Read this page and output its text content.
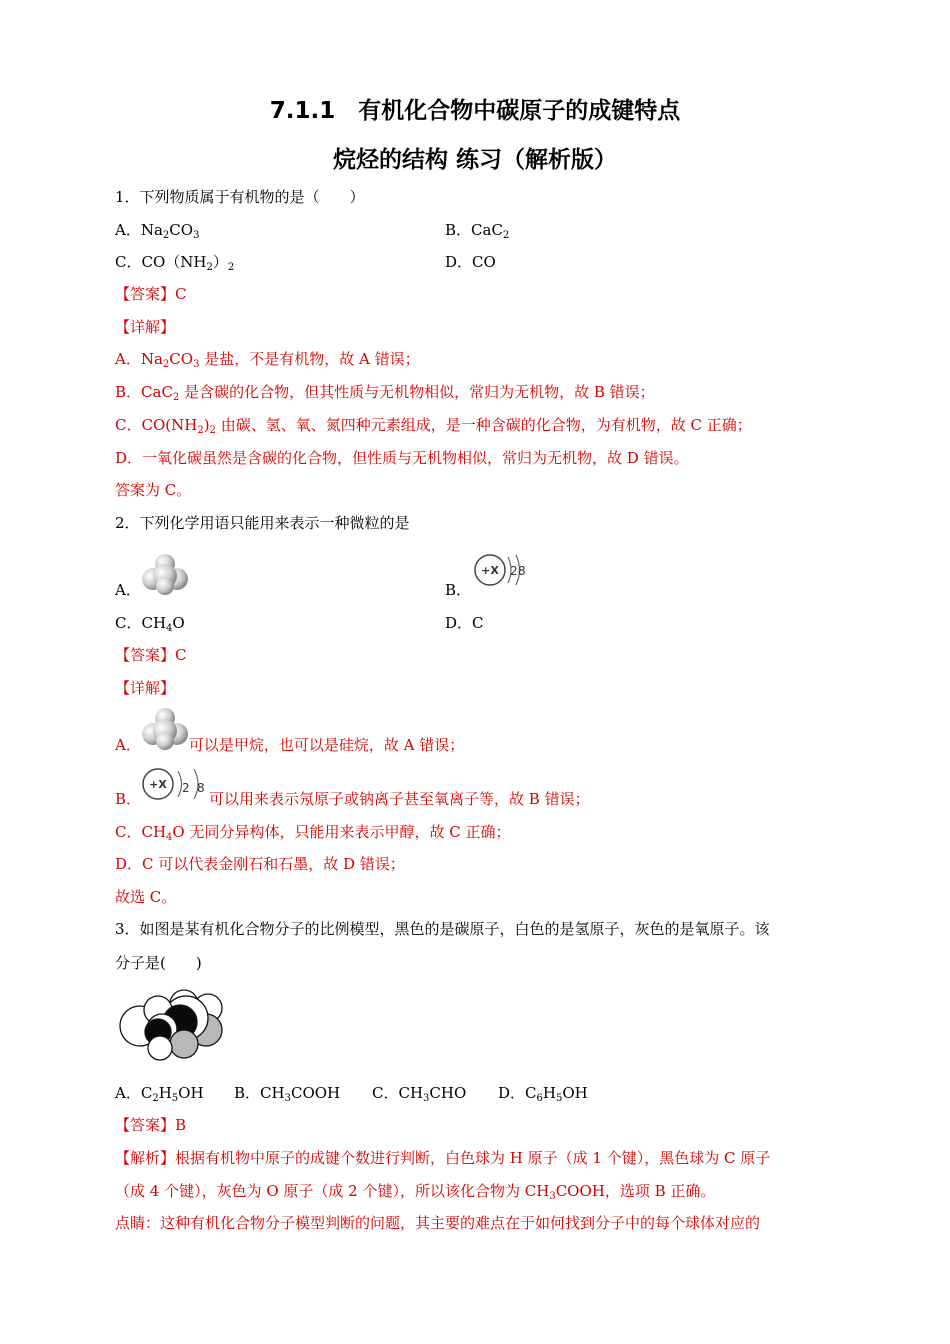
7.1.1　有机化合物中碳原子的成键特点
烷烃的结构 练习（解析版）
1．下列物质属于有机物的是（　　）
A．$Na_2CO_3$	B．CaC$_2$
C．$CO(NH_2)_2$	D．CO
【答案】C
【详解】
A．$Na_2CO_3$ 是盐，不是有机物，故 A 错误；
B．CaC$_2$ 是含碳的化合物，但其性质与无机物相似，常归为无机物，故 B 错误；
C．$CO(NH_2)_2$ 由碳、氢、氧、氮四种元素组成，是一种含碳的化合物，为有机物，故 C 正确；
D．一氧化碳虽然是含碳的化合物，但性质与无机物相似，常归为无机物，故 D 错误。
答案为 C。
2．下列化学用语只能用来表示一种微粒的是
A．	B．
+X 2 8
C．$CH_4O$	D．C
【答案】C
【详解】
A．	可以是甲烷，也可以是硅烷，故 A 错误；
B．	可以用来表示氖原子或钠离子甚至氧离子等，故 B 错误；
+X 2 8
C．$CH_4O$ 无同分异构体，只能用来表示甲醇，故 C 正确；
D．C 可以代表金刚石和石墨，故 D 错误；
故选 C。
3．如图是某有机化合物分子的比例模型，黑色的是碳原子，白色的是氢原子，灰色的是氧原子。该
分子是(　　)
A．$C_2H_5OH$ B．$CH_3COOH$ C．$CH_3CHO$ D．$C_6H_5OH$
【答案】B
【解析】根据有机物中原子的成键个数进行判断，白色球为 H 原子（成 1 个键），黑色球为 C 原子
（成 4 个键），灰色为 O 原子（成 2 个键），所以该化合物为 $CH_3COOH$，选项 B 正确。
点睛：这种有机化合物分子模型判断的问题，其主要的难点在于如何找到分子中的每个球体对应的
